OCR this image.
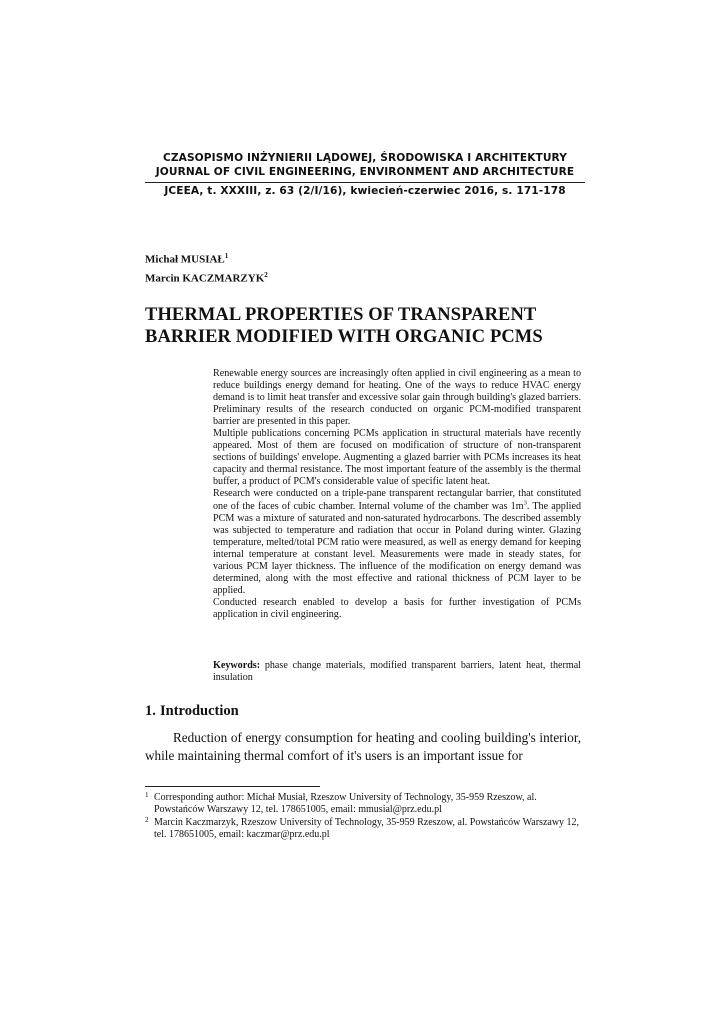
CZASOPISMO INŻYNIERII LĄDOWEJ, ŚRODOWISKA I ARCHITEKTURY
JOURNAL OF CIVIL ENGINEERING, ENVIRONMENT AND ARCHITECTURE
JCEEA, t. XXXIII, z. 63 (2/I/16), kwiecień-czerwiec 2016, s. 171-178
Michał MUSIAŁ$^1$
Marcin KACZMARZYK$^2$
THERMAL PROPERTIES OF TRANSPARENT
BARRIER MODIFIED WITH ORGANIC PCMS

Renewable energy sources are increasingly often applied in civil engineering as a mean to reduce buildings energy demand for heating. One of the ways to reduce HVAC energy demand is to limit heat transfer and excessive solar gain through building's glazed barriers. Preliminary results of the research conducted on organic PCM-modified transparent barrier are presented in this paper.

Multiple publications concerning PCMs application in structural materials have recently appeared. Most of them are focused on modification of structure of non-transparent sections of buildings' envelope. Augmenting a glazed barrier with PCMs increases its heat capacity and thermal resistance. The most important feature of the assembly is the thermal buffer, a product of PCM's considerable value of specific latent heat.

Research were conducted on a triple-pane transparent rectangular barrier, that constituted one of the faces of cubic chamber. Internal volume of the chamber was $1m^3$. The applied PCM was a mixture of saturated and non-saturated hydrocarbons. The described assembly was subjected to temperature and radiation that occur in Poland during winter. Glazing temperature, melted/total PCM ratio were measured, as well as energy demand for keeping internal temperature at constant level. Measurements were made in steady states, for various PCM layer thickness. The influence of the modification on energy demand was determined, along with the most effective and rational thickness of PCM layer to be applied.

Conducted research enabled to develop a basis for further investigation of PCMs application in civil engineering.

Keywords: phase change materials, modified transparent barriers, latent heat, thermal insulation
1. Introduction

Reduction of energy consumption for heating and cooling building's interior, while maintaining thermal comfort of it's users is an important issue for

1 Corresponding author: Michał Musiał, Rzeszow University of Technology, 35-959 Rzeszow, al. Powstańców Warszawy 12, tel. 178651005, email: mmusial@prz.edu.pl
2 Marcin Kaczmarzyk, Rzeszow University of Technology, 35-959 Rzeszow, al. Powstańców Warszawy 12, tel. 178651005, email: kaczmar@prz.edu.pl
